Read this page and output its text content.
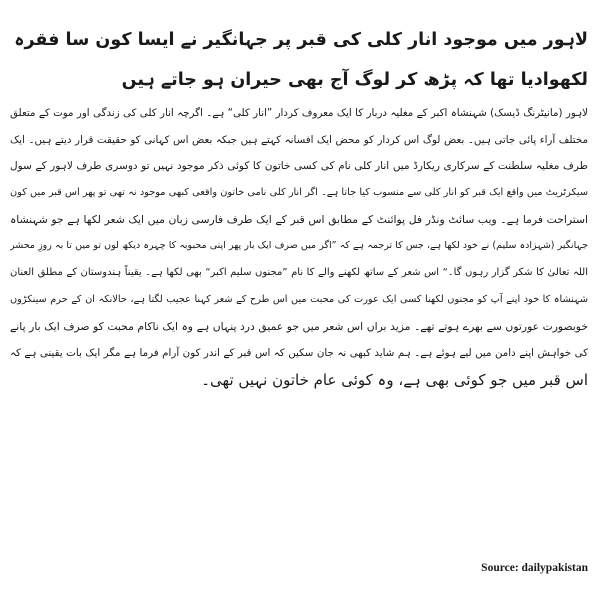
لاہور میں موجود انار کلی کی قبر پر جہانگیر نے ایسا کون سا فقرہ لکھوادیا تھا کہ پڑھ کر لوگ آج بھی حیران ہو جاتے ہیں
لاہور (مانیٹرنگ ڈیسک) شہنشاہ اکبر کے مغلیہ دربار کا ایک معروف کردار ”انار کلی“ ہے۔ اگرچہ انار کلی کی زندگی اور موت کے متعلق
مختلف آراء پائی جاتی ہیں۔ بعض لوگ اس کردار کو محض ایک افسانہ کہتے ہیں جبکہ بعض اس کہانی کو حقیقت قرار دیتے ہیں۔ ایک
طرف مغلیہ سلطنت کے سرکاری ریکارڈ میں انار کلی نام کی کسی خاتون کا کوئی ذکر موجود نہیں تو دوسری طرف لاہور کے سول
سیکرٹریٹ میں واقع ایک قبر کو انار کلی سے منسوب کیا جاتا ہے۔ اگر انار کلی نامی خاتون واقعی کبھی موجود نہ تھی تو پھر اس قبر میں کون
استراحت فرما ہے۔ ویب سائٹ ونڈر فل پوائنٹ کے مطابق اس قبر کے ایک طرف فارسی زبان میں ایک شعر لکھا ہے جو شہنشاہ
جہانگیر (شہزادہ سلیم) نے خود لکھا ہے، جس کا ترجمہ ہے کہ ”اگر میں صرف ایک بار پھر اپنی محبوبہ کا چہرہ دیکھ لوں تو میں تا بہ روزِ محشر
اللہ تعالیٰ کا شکر گزار رہوں گا۔“ اس شعر کے ساتھ لکھنے والے کا نام ”مجنوں سلیم اکبر“ بھی لکھا ہے۔ یقیناً ہندوستان کے مطلق العنان
شہنشاہ کا خود اپنے آپ کو مجنوں لکھنا کسی ایک عورت کی محبت میں اس طرح کے شعر کہنا عجیب لگتا ہے، حالانکہ ان کے حرم سینکڑوں
خوبصورت عورتوں سے بھرے ہوتے تھے۔ مزید براں اس شعر میں جو عمیق درد پنہاں ہے وہ ایک ناکام محبت کو صرف ایک بار پانے
کی خواہش اپنے دامن میں لیے ہوئے ہے۔ ہم شاید کبھی نہ جان سکیں کہ اس قبر کے اندر کون آرام فرما ہے مگر ایک بات یقینی ہے کہ
اس قبر میں جو کوئی بھی ہے، وہ کوئی عام خاتون نہیں تھی۔
Source: dailypakistan
